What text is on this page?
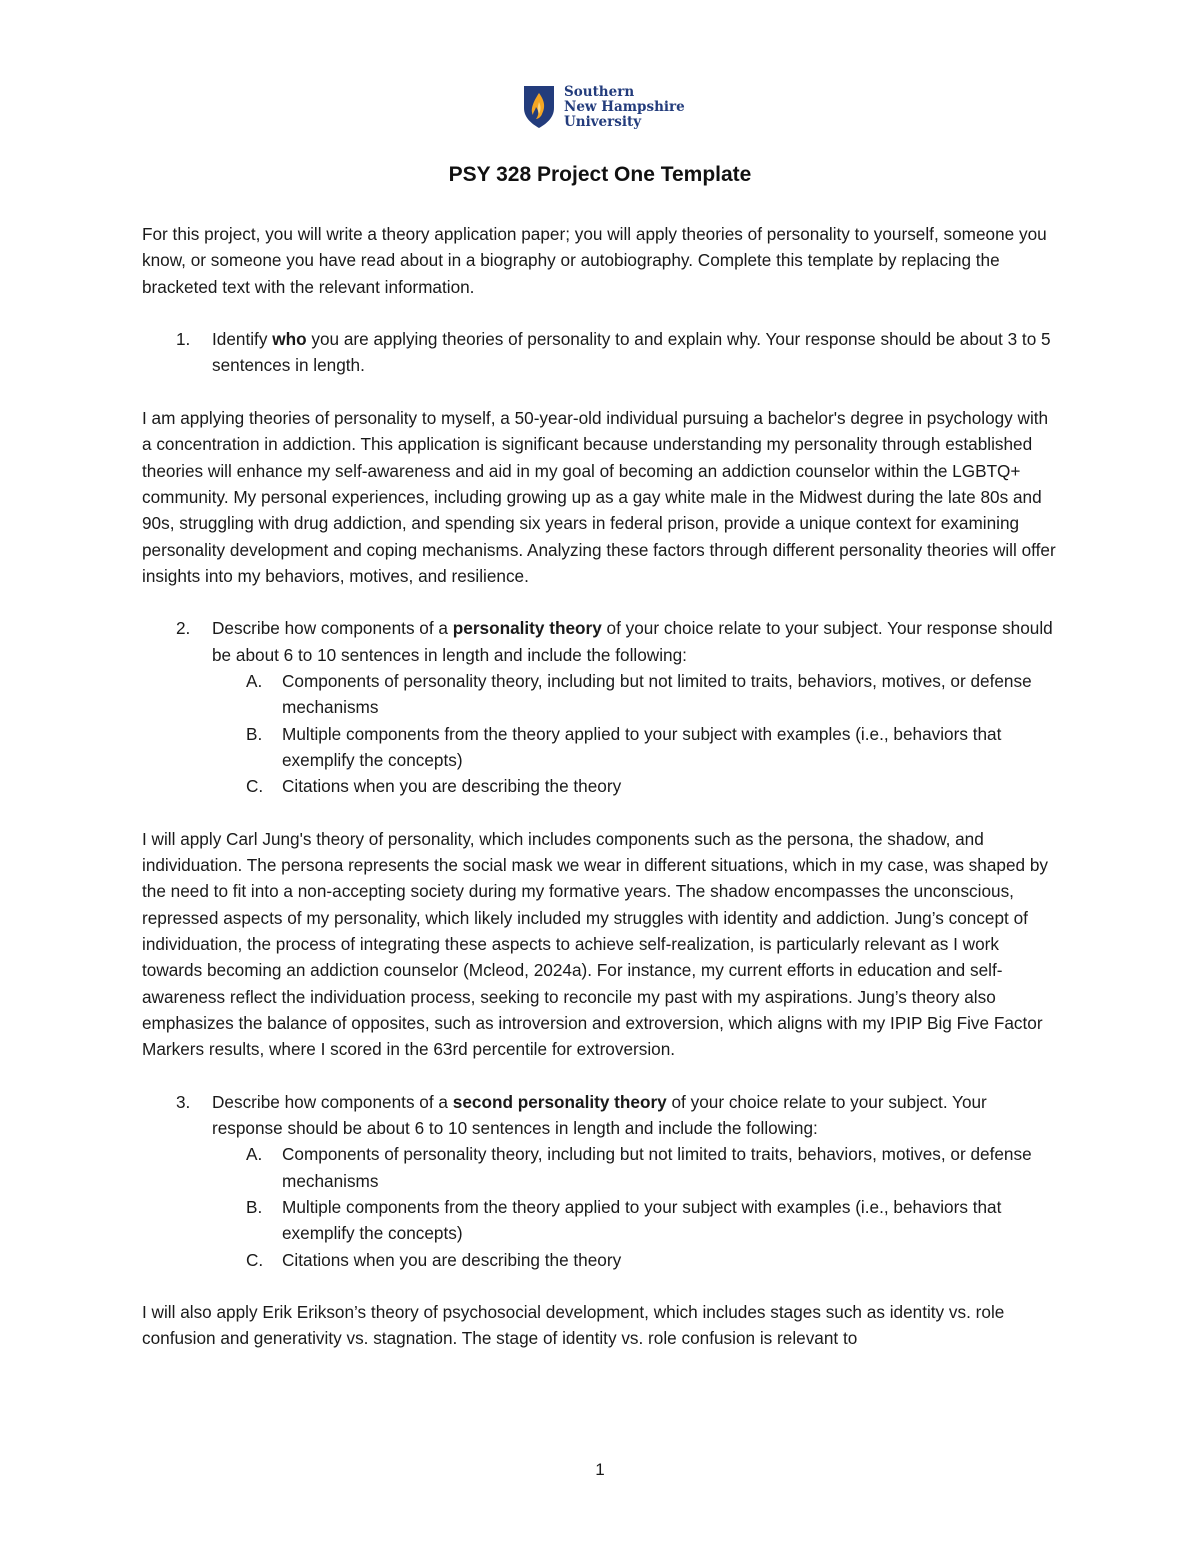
Southern
New Hampshire
University
PSY 328 Project One Template

For this project, you will write a theory application paper; you will apply theories of personality to yourself, someone you know, or someone you have read about in a biography or autobiography. Complete this template by replacing the bracketed text with the relevant information.

1. Identify who you are applying theories of personality to and explain why. Your response should be about 3 to 5 sentences in length.

I am applying theories of personality to myself, a 50-year-old individual pursuing a bachelor's degree in psychology with a concentration in addiction. This application is significant because understanding my personality through established theories will enhance my self-awareness and aid in my goal of becoming an addiction counselor within the LGBTQ+ community. My personal experiences, including growing up as a gay white male in the Midwest during the late 80s and 90s, struggling with drug addiction, and spending six years in federal prison, provide a unique context for examining personality development and coping mechanisms. Analyzing these factors through different personality theories will offer insights into my behaviors, motives, and resilience.

2. Describe how components of a personality theory of your choice relate to your subject. Your response should be about 6 to 10 sentences in length and include the following:
A. Components of personality theory, including but not limited to traits, behaviors, motives, or defense mechanisms
B. Multiple components from the theory applied to your subject with examples (i.e., behaviors that exemplify the concepts)
C. Citations when you are describing the theory

I will apply Carl Jung's theory of personality, which includes components such as the persona, the shadow, and individuation. The persona represents the social mask we wear in different situations, which in my case, was shaped by the need to fit into a non-accepting society during my formative years. The shadow encompasses the unconscious, repressed aspects of my personality, which likely included my struggles with identity and addiction. Jung’s concept of individuation, the process of integrating these aspects to achieve self-realization, is particularly relevant as I work towards becoming an addiction counselor (Mcleod, 2024a). For instance, my current efforts in education and self-awareness reflect the individuation process, seeking to reconcile my past with my aspirations. Jung’s theory also emphasizes the balance of opposites, such as introversion and extroversion, which aligns with my IPIP Big Five Factor Markers results, where I scored in the 63rd percentile for extroversion.

3. Describe how components of a second personality theory of your choice relate to your subject. Your response should be about 6 to 10 sentences in length and include the following:
A. Components of personality theory, including but not limited to traits, behaviors, motives, or defense mechanisms
B. Multiple components from the theory applied to your subject with examples (i.e., behaviors that exemplify the concepts)
C. Citations when you are describing the theory

I will also apply Erik Erikson’s theory of psychosocial development, which includes stages such as identity vs. role confusion and generativity vs. stagnation. The stage of identity vs. role confusion is relevant to

1
